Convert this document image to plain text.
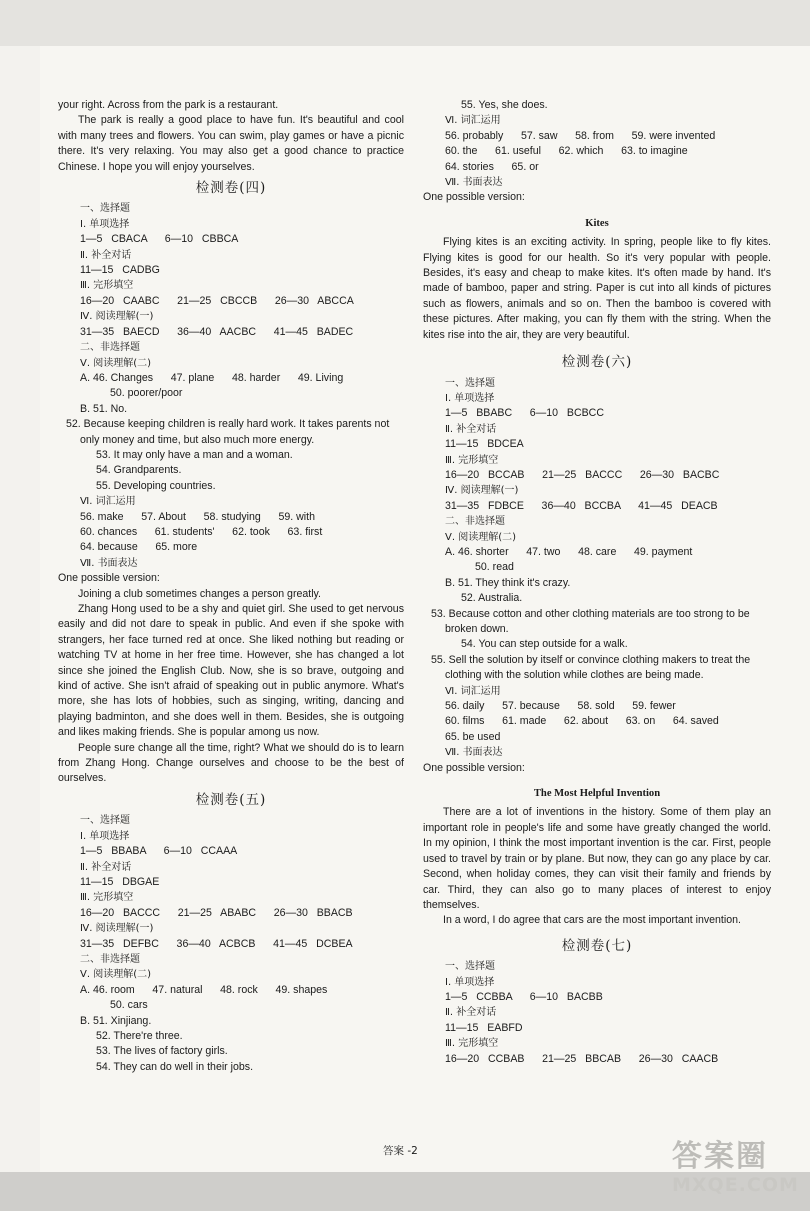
your right. Across from the park is a restaurant.

The park is really a good place to have fun. It's beautiful and cool with many trees and flowers. You can swim, play games or have a picnic there. It's very relaxing. You may also get a good chance to practice Chinese. I hope you will enjoy yourselves.

检测卷(四)
一、选择题
Ⅰ. 单项选择
1—5   CBACA      6—10   CBBCA
Ⅱ. 补全对话
11—15   CADBG
Ⅲ. 完形填空
16—20   CAABC      21—25   CBCCB      26—30   ABCCA
Ⅳ. 阅读理解(一)
31—35   BAECD      36—40   AACBC      41—45   BADEC
二、非选择题
Ⅴ. 阅读理解(二)
A. 46. Changes      47. plane      48. harder      49. Living
50. poorer/poor
B. 51. No.
52. Because keeping children is really hard work. It takes parents not only money and time, but also much more energy.
53. It may only have a man and a woman.
54. Grandparents.
55. Developing countries.
Ⅵ. 词汇运用
56. make      57. About      58. studying      59. with
60. chances      61. students'      62. took      63. first
64. because      65. more
Ⅶ. 书面表达
One possible version:

Joining a club sometimes changes a person greatly.

Zhang Hong used to be a shy and quiet girl. She used to get nervous easily and did not dare to speak in public. And even if she spoke with strangers, her face turned red at once. She liked nothing but reading or watching TV at home in her free time. However, she has changed a lot since she joined the English Club. Now, she is so brave, outgoing and kind of active. She isn't afraid of speaking out in public anymore. What's more, she has lots of hobbies, such as singing, writing, dancing and playing badminton, and she does well in them. Besides, she is outgoing and likes making friends. She is popular among us now.

People sure change all the time, right? What we should do is to learn from Zhang Hong. Change ourselves and choose to be the best of ourselves.

检测卷(五)
一、选择题
Ⅰ. 单项选择
1—5   BBABA      6—10   CCAAA
Ⅱ. 补全对话
11—15   DBGAE
Ⅲ. 完形填空
16—20   BACCC      21—25   ABABC      26—30   BBACB
Ⅳ. 阅读理解(一)
31—35   DEFBC      36—40   ACBCB      41—45   DCBEA
二、非选择题
Ⅴ. 阅读理解(二)
A. 46. room      47. natural      48. rock      49. shapes
50. cars
B. 51. Xinjiang.
52. There're three.
53. The lives of factory girls.
54. They can do well in their jobs.
55. Yes, she does.
Ⅵ. 词汇运用
56. probably      57. saw      58. from      59. were invented
60. the      61. useful      62. which      63. to imagine
64. stories      65. or
Ⅶ. 书面表达
One possible version:
Kites

Flying kites is an exciting activity. In spring, people like to fly kites. Flying kites is good for our health. So it's very popular with people. Besides, it's easy and cheap to make kites. It's often made by hand. It's made of bamboo, paper and string. Paper is cut into all kinds of pictures such as flowers, animals and so on. Then the bamboo is covered with these pictures. After making, you can fly them with the string. When the kites rise into the air, they are very beautiful.

检测卷(六)
一、选择题
Ⅰ. 单项选择
1—5   BBABC      6—10   BCBCC
Ⅱ. 补全对话
11—15   BDCEA
Ⅲ. 完形填空
16—20   BCCAB      21—25   BACCC      26—30   BACBC
Ⅳ. 阅读理解(一)
31—35   FDBCE      36—40   BCCBA      41—45   DEACB
二、非选择题
Ⅴ. 阅读理解(二)
A. 46. shorter      47. two      48. care      49. payment
50. read
B. 51. They think it's crazy.
52. Australia.
53. Because cotton and other clothing materials are too strong to be broken down.
54. You can step outside for a walk.
55. Sell the solution by itself or convince clothing makers to treat the clothing with the solution while clothes are being made.
Ⅵ. 词汇运用
56. daily      57. because      58. sold      59. fewer
60. films      61. made      62. about      63. on      64. saved
65. be used
Ⅶ. 书面表达
One possible version:
The Most Helpful Invention

There are a lot of inventions in the history. Some of them play an important role in people's life and some have greatly changed the world. In my opinion, I think the most important invention is the car. First, people used to travel by train or by plane. But now, they can go any place by car. Second, when holiday comes, they can visit their family and friends by car. Third, they can also go to many places of interest to enjoy themselves.

In a word, I do agree that cars are the most important invention.

检测卷(七)
一、选择题
Ⅰ. 单项选择
1—5   CCBBA      6—10   BACBB
Ⅱ. 补全对话
11—15   EABFD
Ⅲ. 完形填空
16—20   CCBAB      21—25   BBCAB      26—30   CAACB
答案 -2	答案圈
MXQE.COM
